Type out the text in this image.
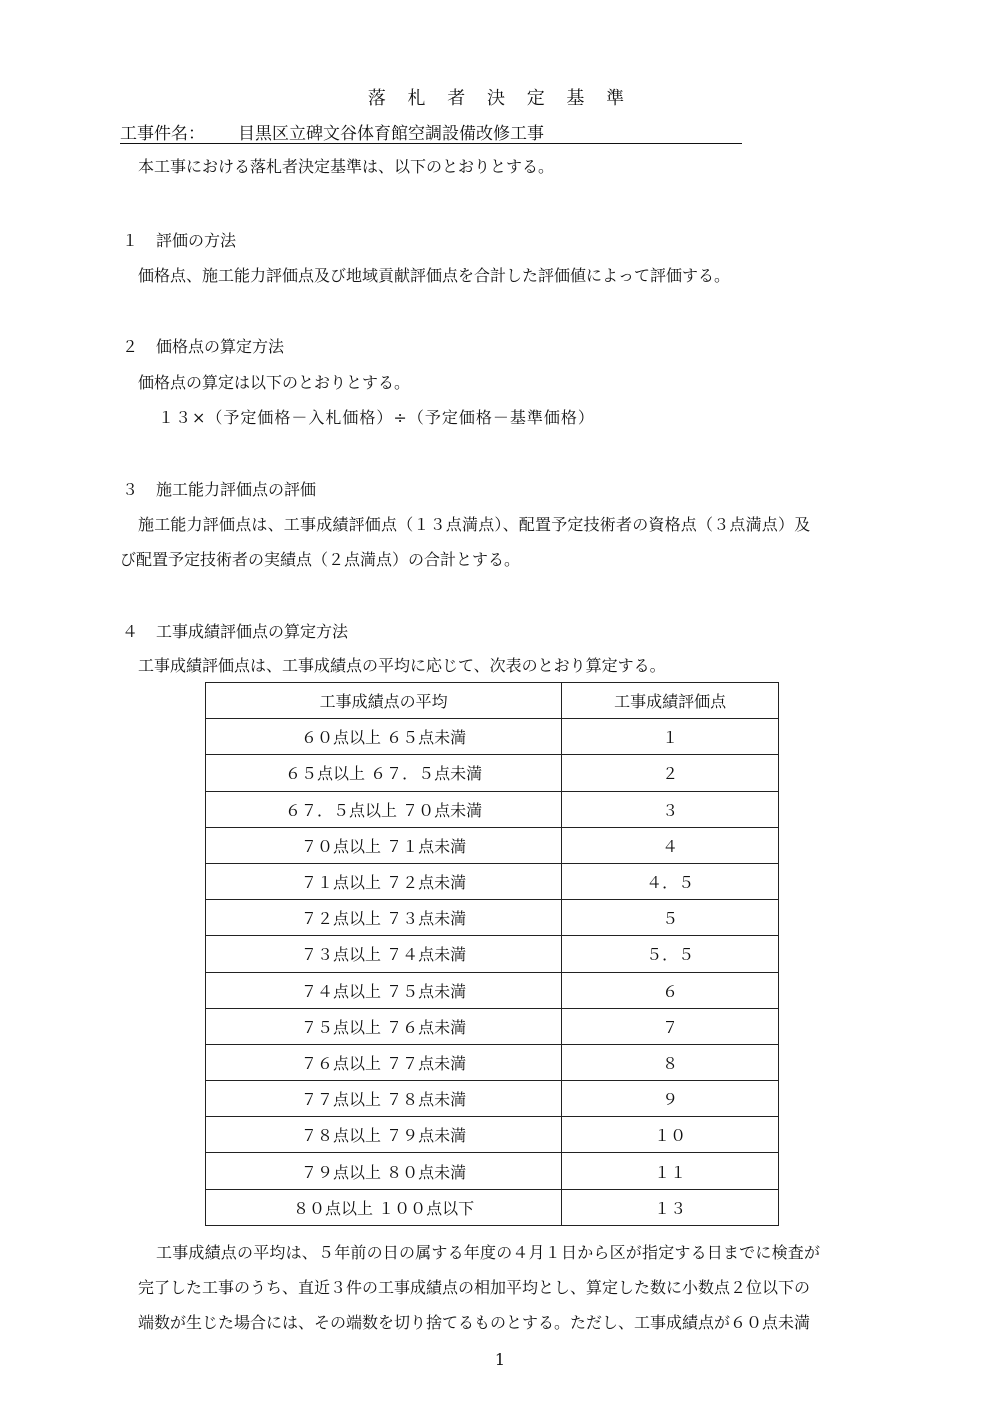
落 札 者 決 定 基 準
工事件名： 目黒区立碑文谷体育館空調設備改修工事
本工事における落札者決定基準は、以下のとおりとする。
１ 評価の方法
価格点、施工能力評価点及び地域貢献評価点を合計した評価値によって評価する。
２ 価格点の算定方法
価格点の算定は以下のとおりとする。
１３×（予定価格－入札価格）÷（予定価格－基準価格）
３ 施工能力評価点の評価
施工能力評価点は、工事成績評価点（１３点満点）、配置予定技術者の資格点（３点満点）及
び配置予定技術者の実績点（２点満点）の合計とする。
４ 工事成績評価点の算定方法
工事成績評価点は、工事成績点の平均に応じて、次表のとおり算定する。
工事成績点の平均	工事成績評価点
６０点以上 ６５点未満	１
６５点以上 ６７．５点未満	２
６７．５点以上 ７０点未満	３
７０点以上 ７１点未満	４
７１点以上 ７２点未満	４．５
７２点以上 ７３点未満	５
７３点以上 ７４点未満	５．５
７４点以上 ７５点未満	６
７５点以上 ７６点未満	７
７６点以上 ７７点未満	８
７７点以上 ７８点未満	９
７８点以上 ７９点未満	１０
７９点以上 ８０点未満	１１
８０点以上 １００点以下	１３
工事成績点の平均は、５年前の日の属する年度の４月１日から区が指定する日までに検査が
完了した工事のうち、直近３件の工事成績点の相加平均とし、算定した数に小数点２位以下の
端数が生じた場合には、その端数を切り捨てるものとする。ただし、工事成績点が６０点未満
1
